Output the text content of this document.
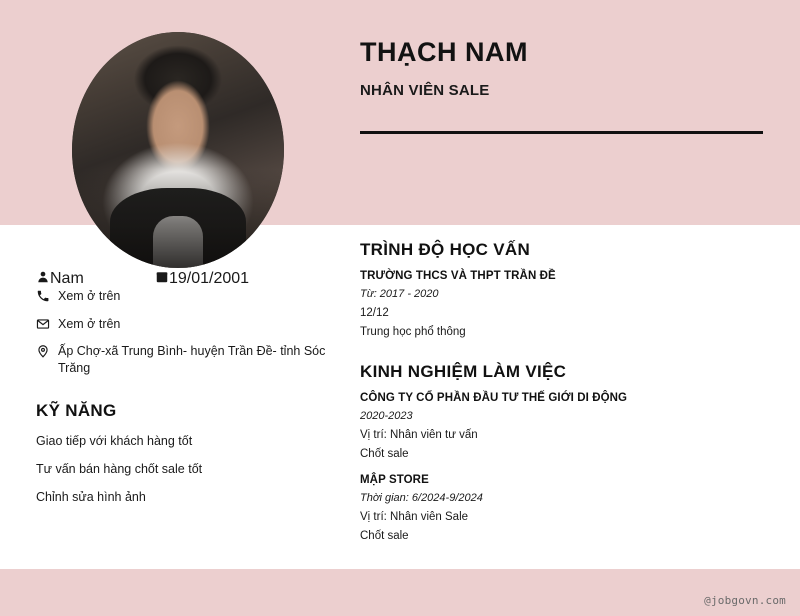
THẠCH NAM
NHÂN VIÊN SALE
Nam	19/01/2001
Xem ở trên
Xem ở trên
Ấp Chợ-xã Trung Bình- huyện Trần Đề- tỉnh Sóc Trăng
KỸ NĂNG
Giao tiếp với khách hàng tốt
Tư vấn bán hàng chốt sale tốt
Chỉnh sửa hình ảnh
TRÌNH ĐỘ HỌC VẤN
TRƯỜNG THCS VÀ THPT TRẦN ĐỀ
Từ: 2017 - 2020
12/12
Trung học phổ thông
KINH NGHIỆM LÀM VIỆC
CÔNG TY CỔ PHẦN ĐẦU TƯ THẾ GIỚI DI ĐỘNG
2020-2023
Vị trí: Nhân viên tư vấn
Chốt sale
MẬP STORE
Thời gian: 6/2024-9/2024
Vị trí: Nhân viên Sale
Chốt sale
@jobgovn.com
